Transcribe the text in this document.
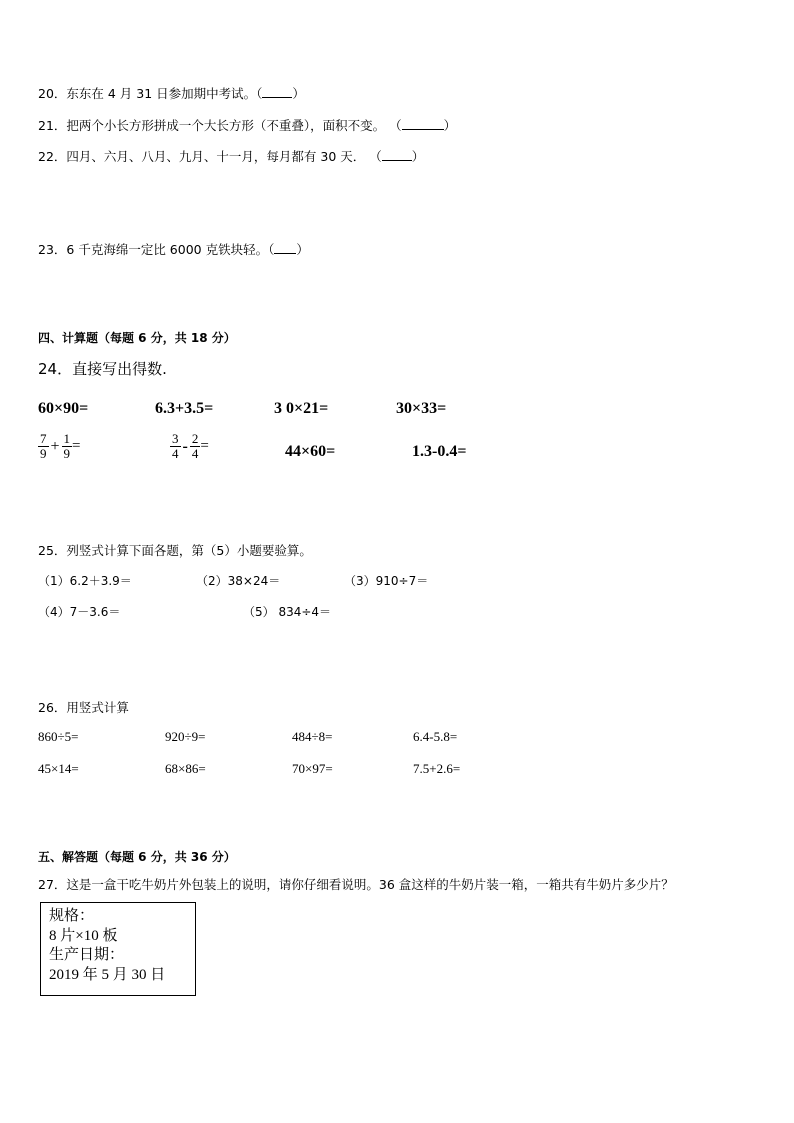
20．东东在 4 月 31 日参加期中考试。（ ）
21．把两个小长方形拼成一个大长方形（不重叠），面积不变。 （	）
22．四月、六月、八月、九月、十一月，每月都有 30 天． （ ）
23．6 千克海绵一定比 6000 克铁块轻。（ ）
四、计算题（每题 6 分，共 18 分）
24．直接写出得数.
60×90=	6.3+3.5=	3 0×21=	30×33=
$\frac{7}{9} + \frac{1}{9}$ =	$\frac{3}{4} - \frac{2}{4}$ =	44×60=	1.3-0.4=
25．列竖式计算下面各题，第（5）小题要验算。
（1）6.2＋3.9＝	（2）38×24＝	（3）910÷7＝
（4）7－3.6＝	（5） 834÷4＝
26．用竖式计算
860÷5=	920÷9=	484÷8=	6.4-5.8=
45×14=	68×86=	70×97=	7.5+2.6=
五、解答题（每题 6 分，共 36 分）
27．这是一盒干吃牛奶片外包装上的说明，请你仔细看说明。36 盒这样的牛奶片装一箱，一箱共有牛奶片多少片？
规格：
8 片×10 板
生产日期：
2019 年 5 月 30 日
